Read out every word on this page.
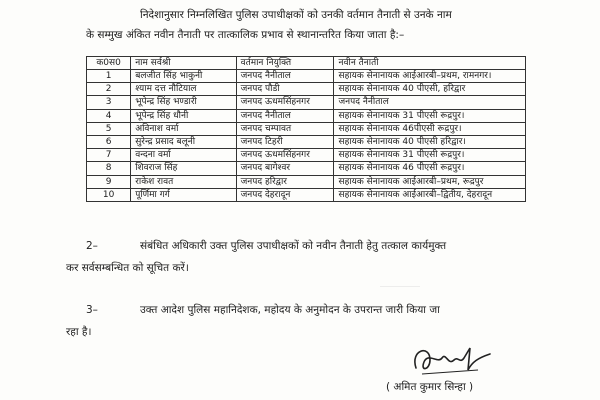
निदेशानुसार निम्नलिखित पुलिस उपाधीक्षकों को उनकी वर्तमान तैनाती से उनके नाम
के सम्मुख अंकित नवीन तैनाती पर तात्कालिक प्रभाव से स्थानान्तरित किया जाता है:–
क0स0	नाम सर्वश्री	वर्तमान नियुक्ति	नवीन तैनाती
1	बलजीत सिंह भाकुनी	जनपद नैनीताल	सहायक सेनानायक आईआरबी–प्रथम, रामनगर।
2	श्याम दत्त नौटियाल	जनपद पौडी	सहायक सेनानायक 40 पीएसी, हरिद्वार
3	भूपेन्द्र सिंह भण्डारी	जनपद ऊधमसिंहनगर	जनपद नैनीताल
4	भूपेन्द्र सिंह धौनी	जनपद नैनीताल	सहायक सेनानायक 31 पीएसी रूद्रपुर।
5	अविनाश वर्मा	जनपद चम्पावत	सहायक सेनानायक 46पीएसी रूद्रपुर।
6	सुरेन्द्र प्रसाद बलूनी	जनपद टिहरी	सहायक सेनानायक 40 पीएसी हरिद्वार।
7	वन्दना वर्मा	जनपद ऊधमसिंहनगर	सहायक सेनानायक 31 पीएसी रूद्रपुर।
8	शिवराज सिंह	जनपद बागेश्वर	सहायक सेनानायक 46 पीएसी रूद्रपुर।
9	राकेश रावत	जनपद हरिद्वार	सहायक सेनानायक आईआरबी–प्रथम, रूद्रपुर
10	पूर्णिमा गर्ग	जनपद देहरादून	सहायक सेनानायक आईआरबी–द्वितीय, देहरादून
2–	संबंधित अधिकारी उक्त पुलिस उपाधीक्षकों को नवीन तैनाती हेतु तत्काल कार्यमुक्त
कर सर्वसम्बन्धित को सूचित करें।
3–	उक्त आदेश पुलिस महानिदेशक, महोदय के अनुमोदन के उपरान्त जारी किया जा
रहा है।
( अमित कुमार सिन्हा )
